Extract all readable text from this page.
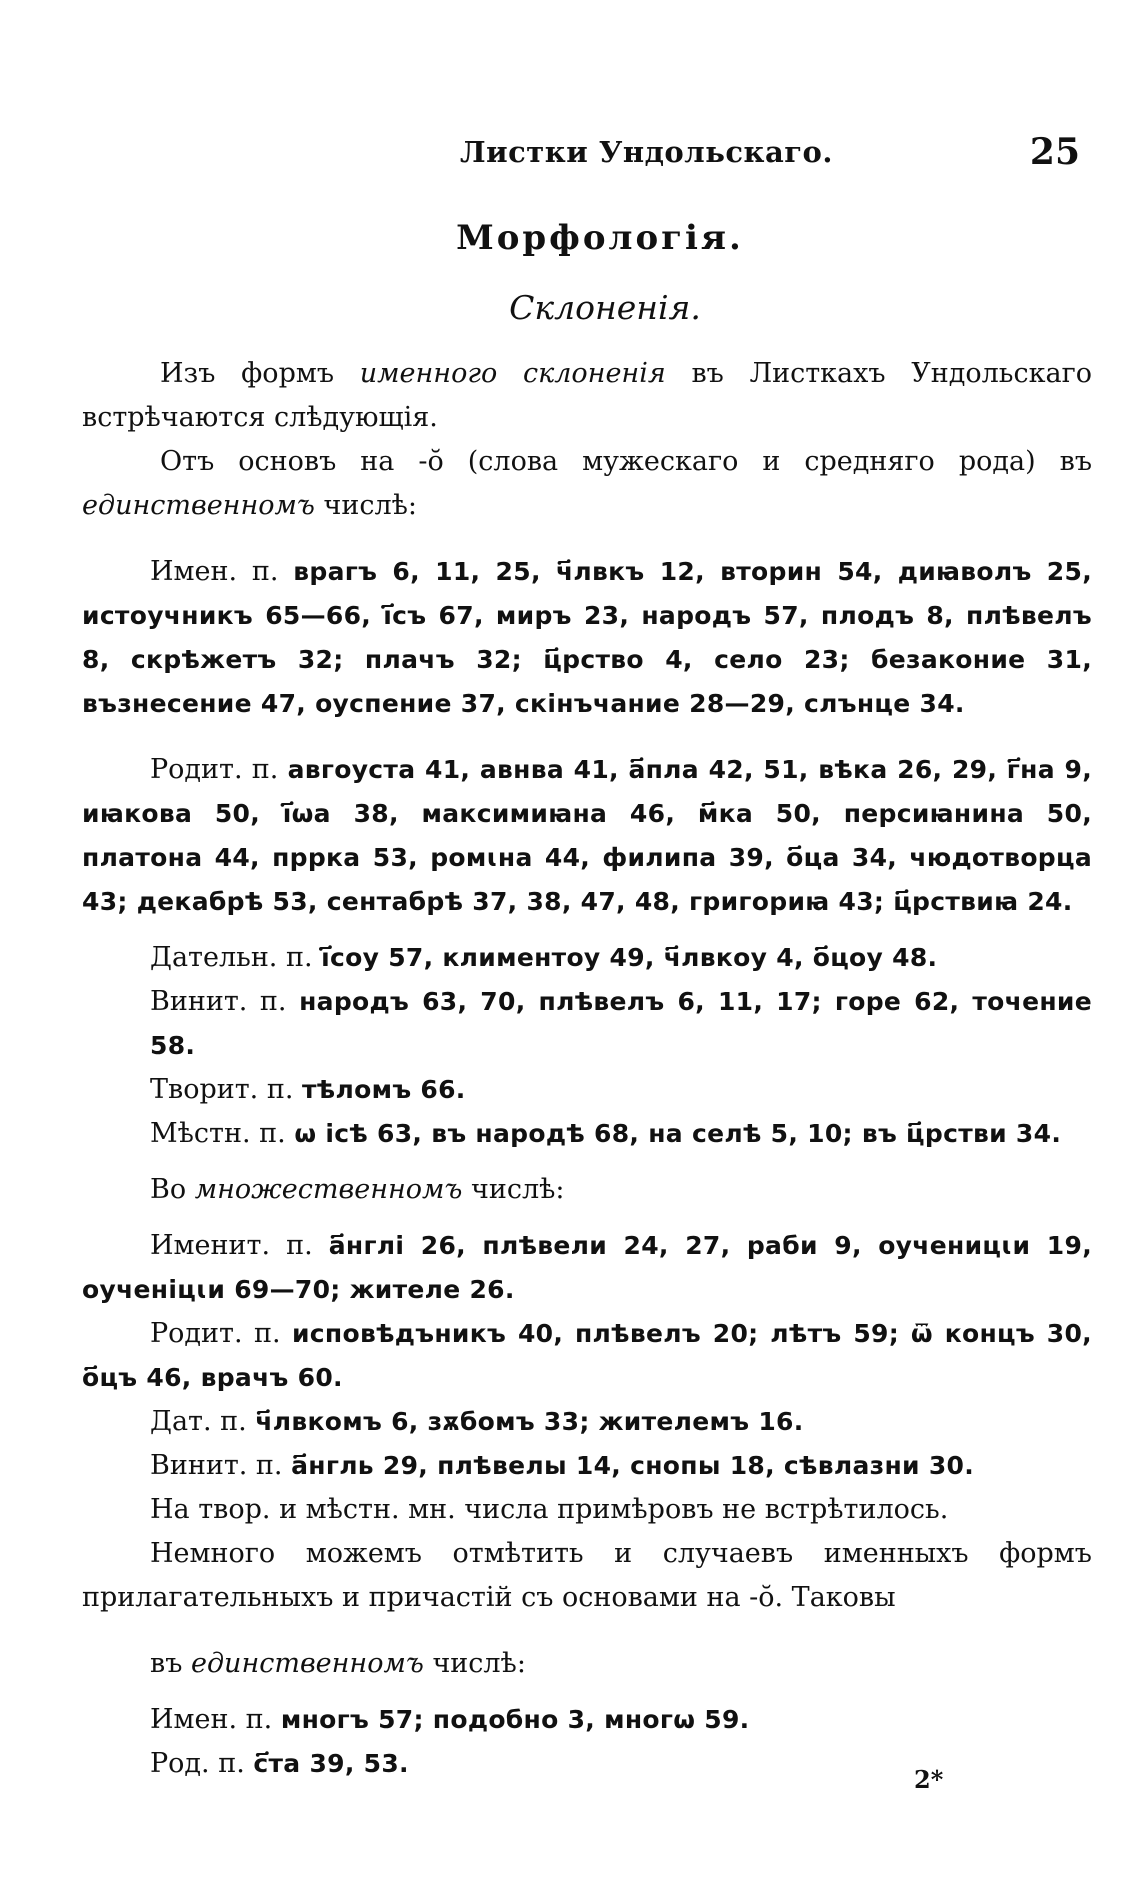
Листки Ундольскаго.	25
Морфологія.
Склоненія.

Изъ формъ именного склоненія въ Листкахъ Ундольскаго встрѣчаются слѣдующія.

Отъ основъ на -ŏ (слова мужескаго и средняго рода) въ единственномъ числѣ:

Имен. п. врагъ 6, 11, 25, ч҃лвкъ 12, вторин 54, диꙗволъ 25, истоучникъ 65—66, і҃съ 67, миръ 23, народъ 57, плодъ 8, плѣвелъ 8, скрѣжетъ 32; плачъ 32; ц҃рство 4, село 23; безаконие 31, възнесение 47, оуспение 37, скінъчание 28—29, слънце 34.

Родит. п. авгоуста 41, авнва 41, а҃пла 42, 51, вѣка 26, 29, г҃на 9, иꙗкова 50, і҃ѡа 38, максимиꙗна 46, м҃ка 50, персиꙗнина 50, платона 44, пррка 53, ромꙇна 44, филипа 39, о҃ца 34, чюдотворца 43; декабрѣ 53, сентабрѣ 37, 38, 47, 48, гpигориꙗ 43; ц҃рствиꙗ 24.

Дательн. п. і҃соу 57, климентоу 49, ч҃лвкоу 4, о҃цоу 48.

Винит. п. народъ 63, 70, плѣвелъ 6, 11, 17; горе 62, точение 58.

Творит. п. тѣломъ 66.

Мѣстн. п. ѡ іcѣ 63, въ народѣ 68, на селѣ 5, 10; въ ц҃рстви 34.

Во множественномъ числѣ:

Именит. п. а҃нглі 26, плѣвели 24, 27, раби 9, оученицꙇи 19, оученіцꙇи 69—70; жителе 26.

Родит. п. исповѣдъникъ 40, плѣвелъ 20; лѣтъ 59; ѿ концъ 30, о҃цъ 46, врачъ 60.

Дат. п. ч҃лвкомъ 6, зѫбомъ 33; жителемъ 16.

Винит. п. а҃нгль 29, плѣвелы 14, снопы 18, сѣвлазни 30.

На твор. и мѣстн. мн. числа примѣровъ не встрѣтилось.

Немного можемъ отмѣтить и случаевъ именныхъ формъ прилагательныхъ и причастій съ основами на -ŏ. Таковы

въ единственномъ числѣ:

Имен. п. многъ 57; подобно 3, многѡ 59.

Род. п. с҃та 39, 53.

2*
